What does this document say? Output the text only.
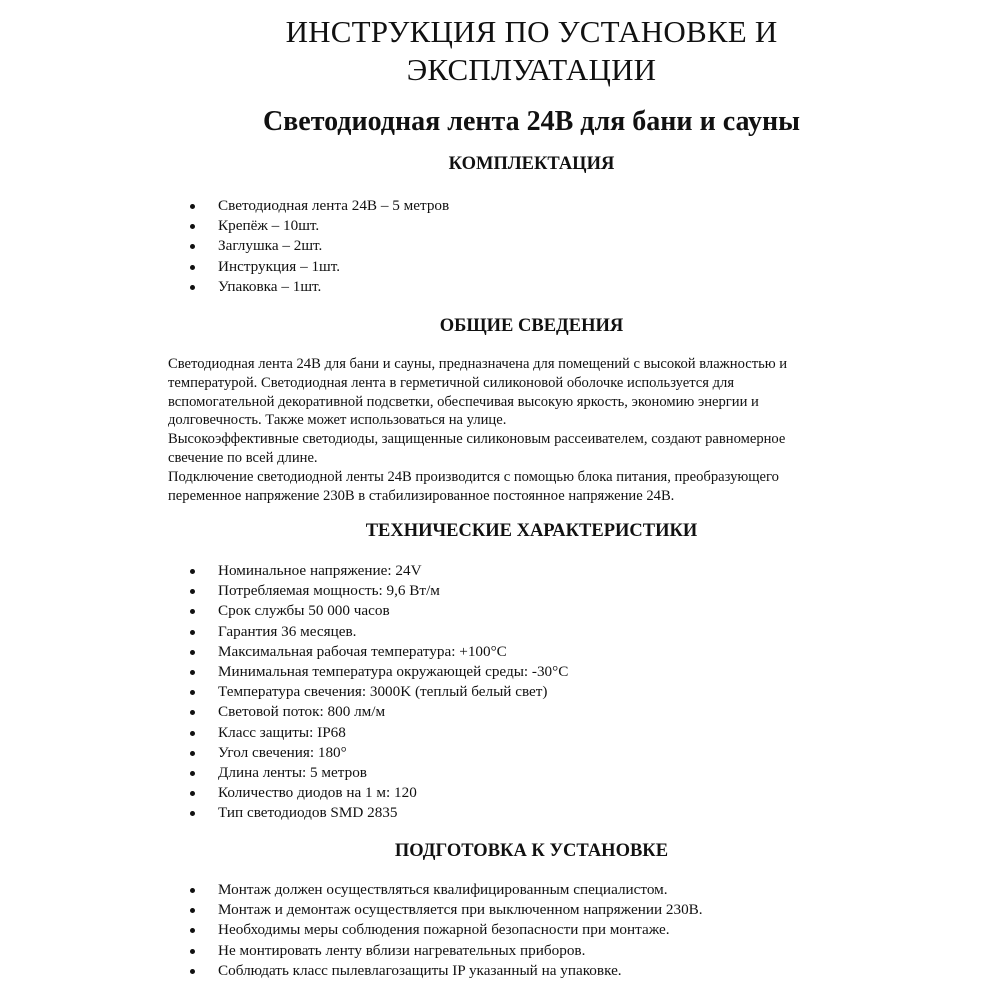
ИНСТРУКЦИЯ ПО УСТАНОВКЕ И
ЭКСПЛУАТАЦИИ
Светодиодная лента 24В для бани и сауны
КОМПЛЕКТАЦИЯ
Светодиодная лента 24В – 5 метров
Крепёж – 10шт.
Заглушка – 2шт.
Инструкция – 1шт.
Упаковка – 1шт.
ОБЩИЕ СВЕДЕНИЯ
Светодиодная лента 24В для бани и сауны, предназначена для помещений с высокой влажностью и
температурой. Светодиодная лента в герметичной силиконовой оболочке используется для
вспомогательной декоративной подсветки, обеспечивая высокую яркость, экономию энергии и
долговечность. Также может использоваться на улице.
Высокоэффективные светодиоды, защищенные силиконовым рассеивателем, создают равномерное
свечение по всей длине.
Подключение светодиодной ленты 24В производится с помощью блока питания, преобразующего
переменное напряжение 230В в стабилизированное постоянное напряжение 24В.
ТЕХНИЧЕСКИЕ ХАРАКТЕРИСТИКИ
Номинальное напряжение: 24V
Потребляемая мощность: 9,6 Вт/м
Срок службы 50 000 часов
Гарантия 36 месяцев.
Максимальная рабочая температура: +100°C
Минимальная температура окружающей среды: -30°C
Температура свечения: 3000K (теплый белый свет)
Световой поток: 800 лм/м
Класс защиты: IP68
Угол свечения: 180°
Длина ленты: 5 метров
Количество диодов на 1 м: 120
Тип светодиодов SMD 2835
ПОДГОТОВКА К УСТАНОВКЕ
Монтаж должен осуществляться квалифицированным специалистом.
Монтаж и демонтаж осуществляется при выключенном напряжении 230В.
Необходимы меры соблюдения пожарной безопасности при монтаже.
Не монтировать ленту вблизи нагревательных приборов.
Соблюдать класс пылевлагозащиты IP указанный на упаковке.
